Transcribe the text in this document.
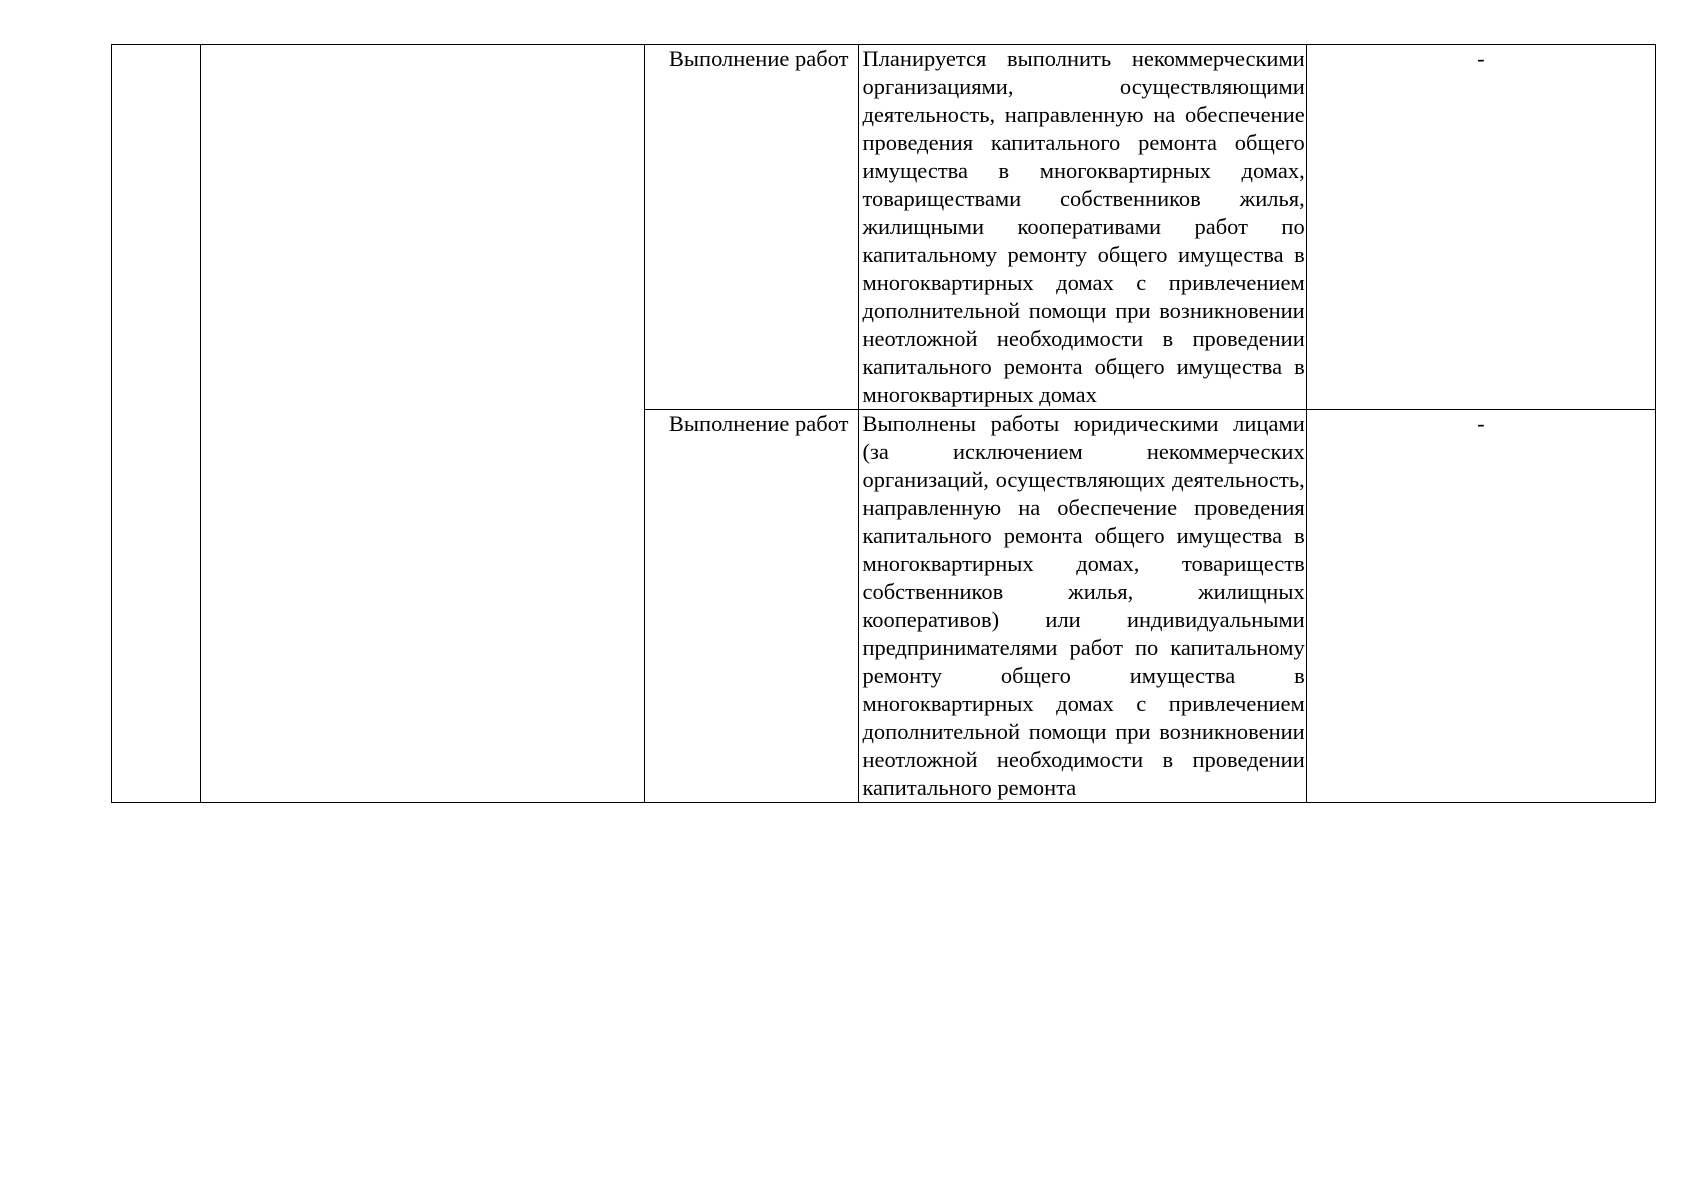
		Выполнение работ	Планируется выполнить некоммерческими организациями, осуществляющими деятельность, направленную на обеспечение проведения капитального ремонта общего имущества в многоквартирных домах, товариществами собственников жилья, жилищными кооперативами работ по капитальному ремонту общего имущества в многоквартирных домах с привлечением дополнительной помощи при возникновении неотложной необходимости в проведении капитального ремонта общего имущества в многоквартирных домах	-

		Выполнение работ	Выполнены работы юридическими лицами (за исключением некоммерческих организаций, осуществляющих деятельность, направленную на обеспечение проведения капитального ремонта общего имущества в многоквартирных домах, товариществ собственников жилья, жилищных кооперативов) или индивидуальными предпринимателями работ по капитальному ремонту общего имущества в многоквартирных домах с привлечением дополнительной помощи при возникновении неотложной необходимости в проведении капитального ремонта	-
